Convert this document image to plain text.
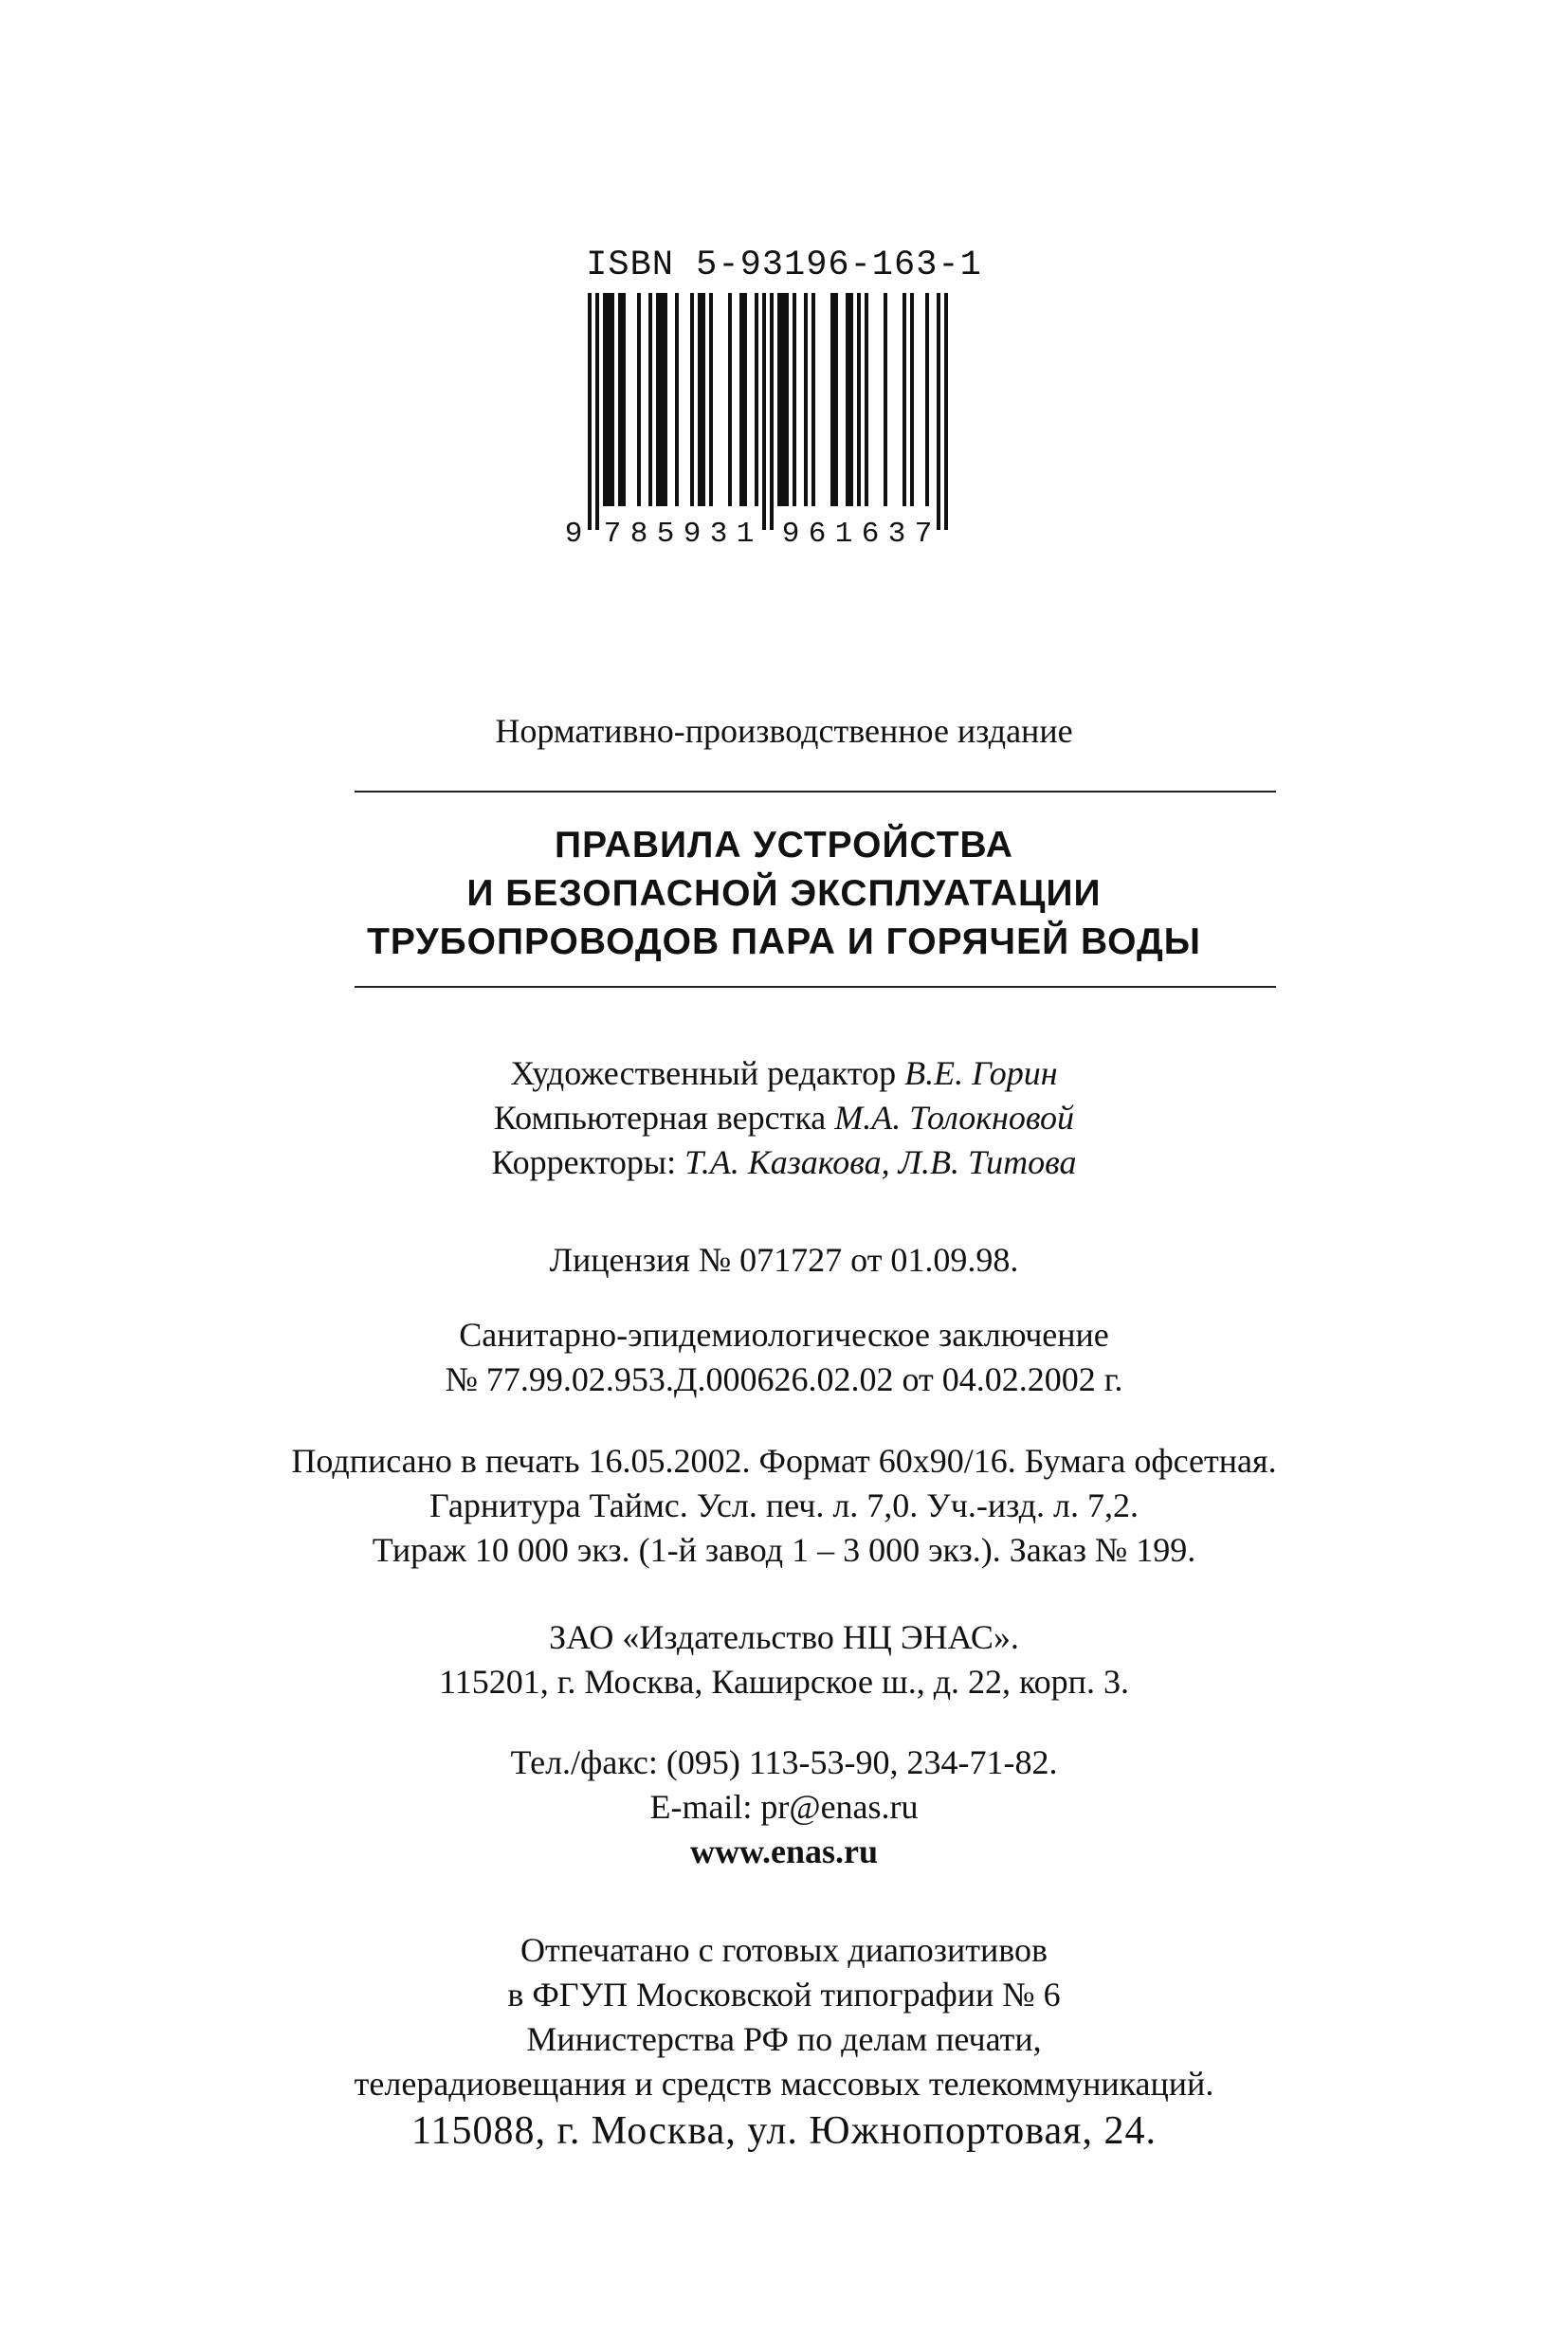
ISBN 5-93196-163-1
9 7 8 5 9 3 1 9 6 1 6 3 7
Нормативно-производственное издание
ПРАВИЛА УСТРОЙСТВА
И БЕЗОПАСНОЙ ЭКСПЛУАТАЦИИ
ТРУБОПРОВОДОВ ПАРА И ГОРЯЧЕЙ ВОДЫ
Художественный редактор В.Е. Горин
Компьютерная верстка М.А. Толокновой
Корректоры: Т.А. Казакова, Л.В. Титова
Лицензия № 071727 от 01.09.98.
Санитарно-эпидемиологическое заключение
№ 77.99.02.953.Д.000626.02.02 от 04.02.2002 г.
Подписано в печать 16.05.2002. Формат 60х90/16. Бумага офсетная.
Гарнитура Таймс. Усл. печ. л. 7,0. Уч.-изд. л. 7,2.
Тираж 10 000 экз. (1-й завод 1 – 3 000 экз.). Заказ № 199.
ЗАО «Издательство НЦ ЭНАС».
115201, г. Москва, Каширское ш., д. 22, корп. 3.
Тел./факс: (095) 113-53-90, 234-71-82.
E-mail: pr@enas.ru
www.enas.ru
Отпечатано с готовых диапозитивов
в ФГУП Московской типографии № 6
Министерства РФ по делам печати,
телерадиовещания и средств массовых телекоммуникаций.
115088, г. Москва, ул. Южнопортовая, 24.
